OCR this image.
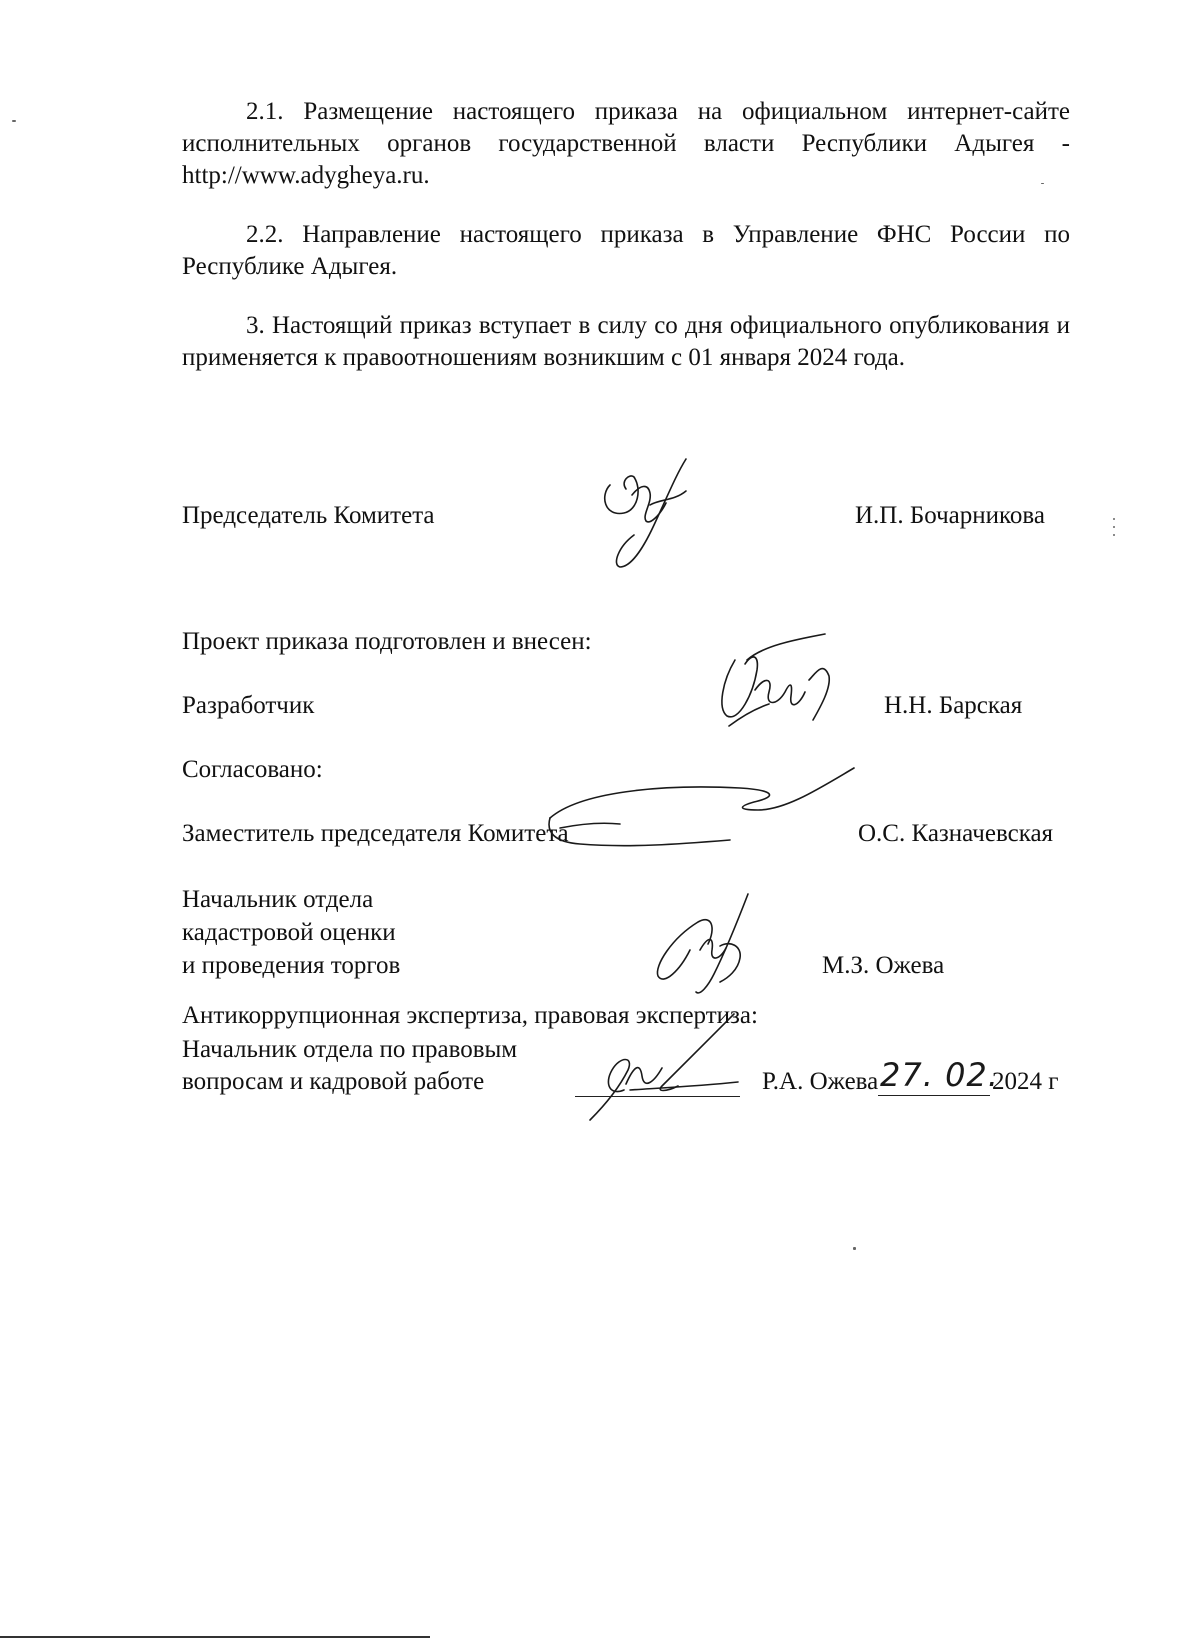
2.1. Размещение настоящего приказа на официальном интернет-сайте исполнительных органов государственной власти Республики Адыгея - http://www.adygheya.ru.

2.2. Направление настоящего приказа в Управление ФНС России по Республике Адыгея.

3. Настоящий приказ вступает в силу со дня официального опубликования и применяется к правоотношениям возникшим с 01 января 2024 года.

Председатель Комитета	И.П. Бочарникова
Проект приказа подготовлен и внесен:
Разработчик	Н.Н. Барская
Согласовано:
Заместитель председателя Комитета	О.С. Казначевская
Начальник отдела
кадастровой оценки
и проведения торгов	М.З. Ожева
Антикоррупционная экспертиза, правовая экспертиза:
Начальник отдела по правовым
вопросам и кадровой работе	Р.А. Ожева 27. 02.
2024 г
